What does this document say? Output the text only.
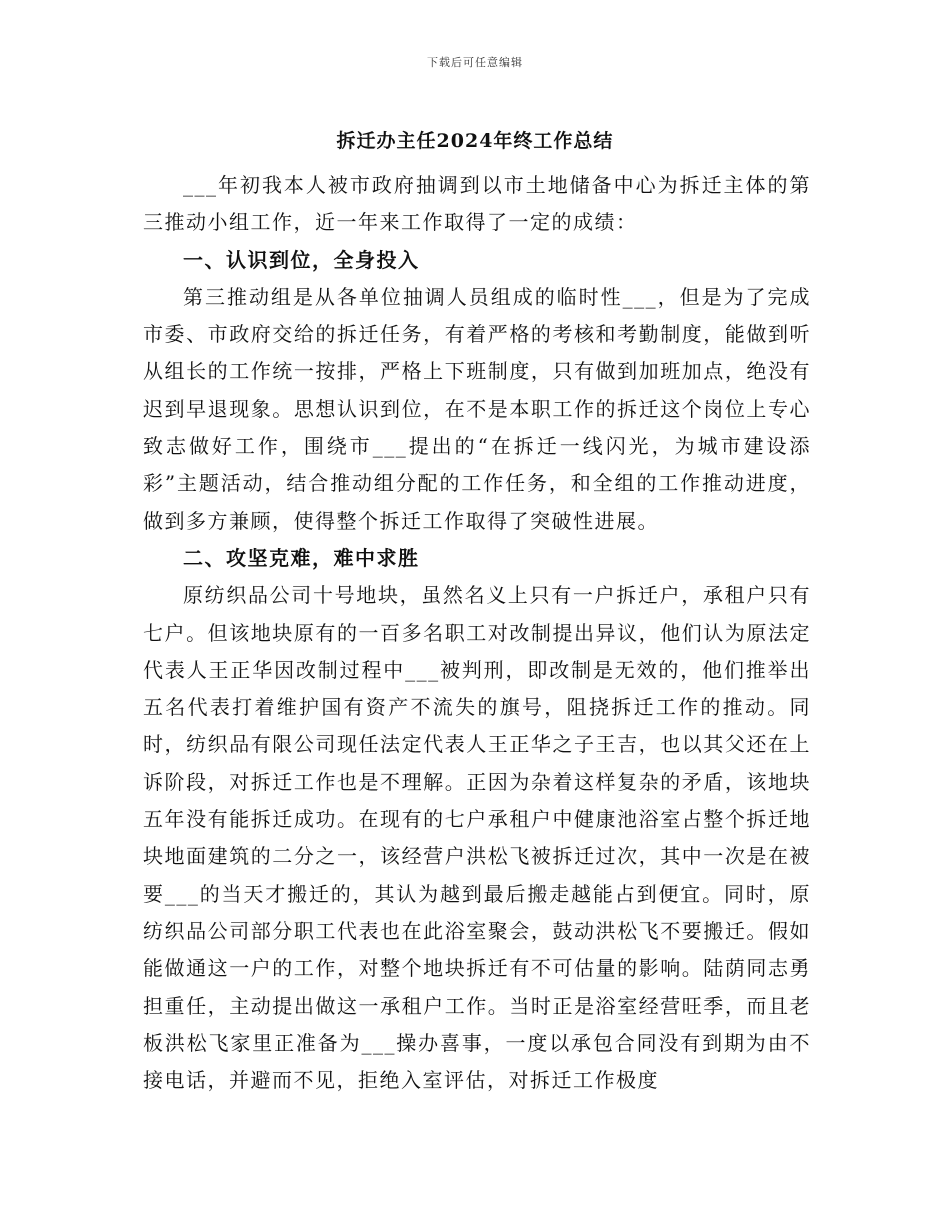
下载后可任意编辑
拆迁办主任2024年终工作总结

___年初我本人被市政府抽调到以市土地储备中心为拆迁主体的第三推动小组工作，近一年来工作取得了一定的成绩：

一、认识到位，全身投入

第三推动组是从各单位抽调人员组成的临时性___，但是为了完成市委、市政府交给的拆迁任务，有着严格的考核和考勤制度，能做到听从组长的工作统一按排，严格上下班制度，只有做到加班加点，绝没有迟到早退现象。思想认识到位，在不是本职工作的拆迁这个岗位上专心致志做好工作，围绕市___提出的“在拆迁一线闪光，为城市建设添彩”主题活动，结合推动组分配的工作任务，和全组的工作推动进度，做到多方兼顾，使得整个拆迁工作取得了突破性进展。

二、攻坚克难，难中求胜

原纺织品公司十号地块，虽然名义上只有一户拆迁户，承租户只有七户。但该地块原有的一百多名职工对改制提出异议，他们认为原法定代表人王正华因改制过程中___被判刑，即改制是无效的，他们推举出五名代表打着维护国有资产不流失的旗号，阻挠拆迁工作的推动。同时，纺织品有限公司现任法定代表人王正华之子王吉，也以其父还在上诉阶段，对拆迁工作也是不理解。正因为杂着这样复杂的矛盾，该地块五年没有能拆迁成功。在现有的七户承租户中健康池浴室占整个拆迁地块地面建筑的二分之一，该经营户洪松飞被拆迁过次，其中一次是在被要___的当天才搬迁的，其认为越到最后搬走越能占到便宜。同时，原纺织品公司部分职工代表也在此浴室聚会，鼓动洪松飞不要搬迁。假如能做通这一户的工作，对整个地块拆迁有不可估量的影响。陆荫同志勇担重任，主动提出做这一承租户工作。当时正是浴室经营旺季，而且老板洪松飞家里正准备为___操办喜事，一度以承包合同没有到期为由不接电话，并避而不见，拒绝入室评估，对拆迁工作极度
